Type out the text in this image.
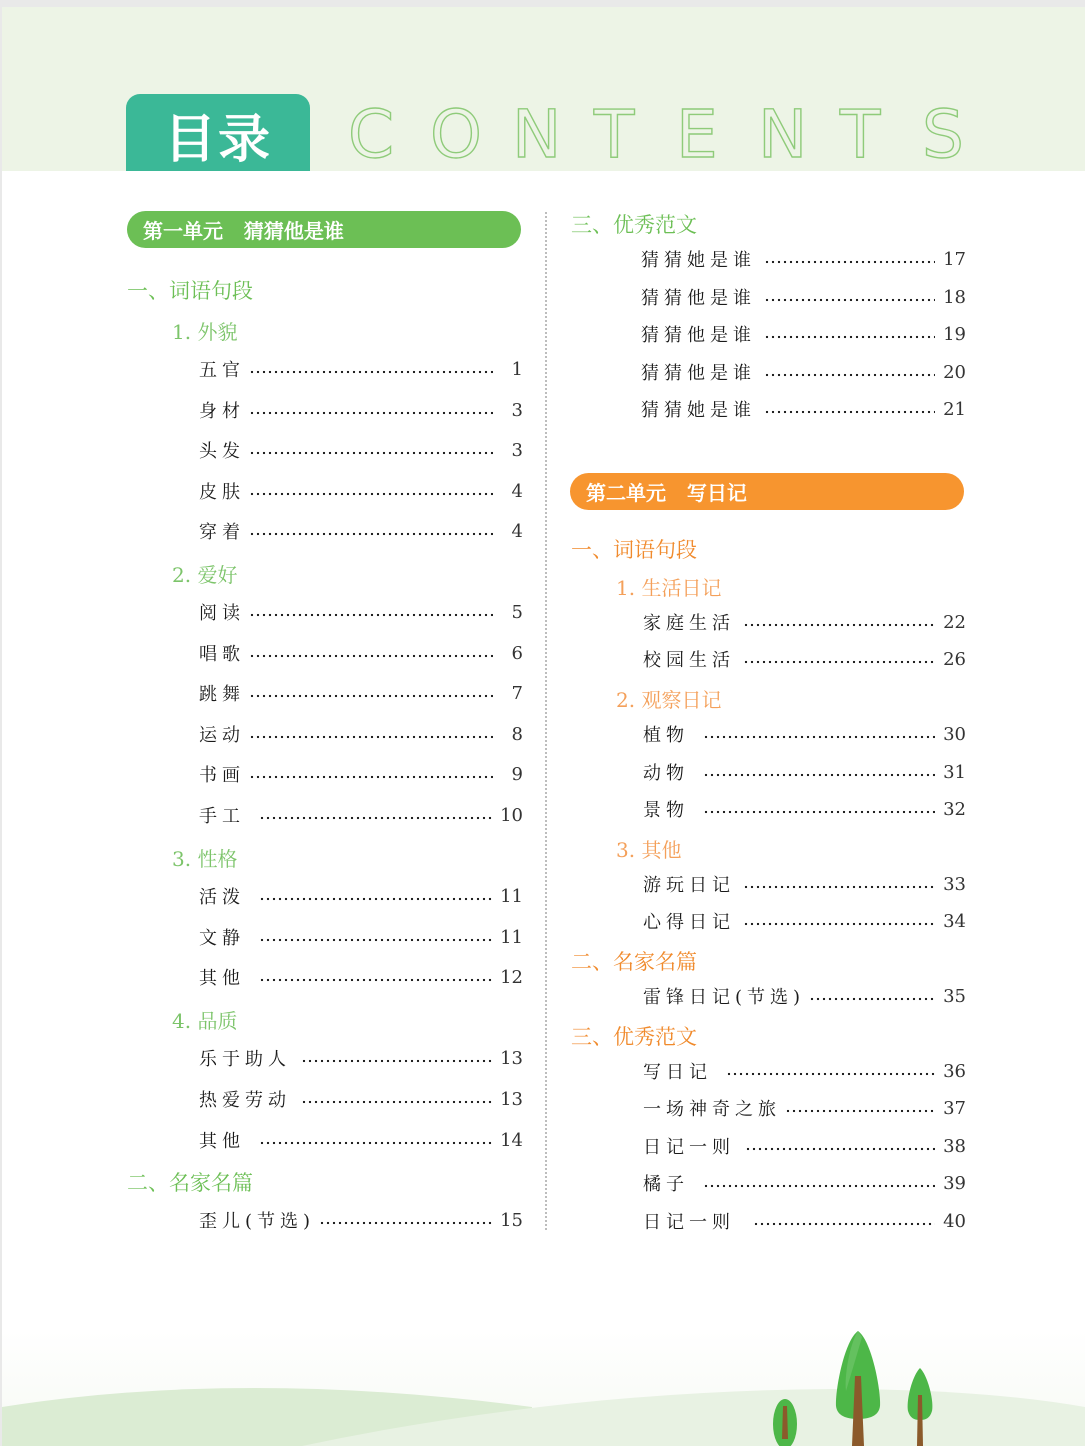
目录	C O N T E N T S
第一单元   猜猜他是谁
一、词语句段
1. 外貌
五官	1
身材	3
头发	3
皮肤	4
穿着	4
2. 爱好
阅读	5
唱歌	6
跳舞	7
运动	8
书画	9
手工	10
3. 性格
活泼	11
文静	11
其他	12
4. 品质
乐于助人	13
热爱劳动	13
其他	14
二、名家名篇
歪儿(节选)	15
三、优秀范文
猜猜她是谁	17
猜猜他是谁	18
猜猜他是谁	19
猜猜他是谁	20
猜猜她是谁	21
第二单元   写日记
一、词语句段
1. 生活日记
家庭生活	22
校园生活	26
2. 观察日记
植物	30
动物	31
景物	32
3. 其他
游玩日记	33
心得日记	34
二、名家名篇
雷锋日记(节选)	35
三、优秀范文
写日记	36
一场神奇之旅	37
日记一则	38
橘子	39
日记一则	40
